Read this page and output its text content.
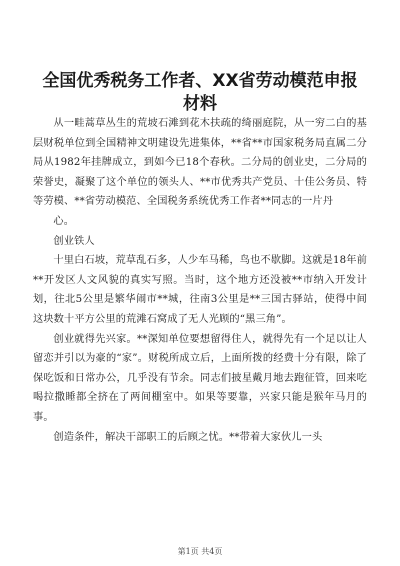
全国优秀税务工作者、XX省劳动模范申报材料

从一畦蒿草丛生的荒坡石滩到花木扶疏的绮丽庭院，从一穷二白的基层财税单位到全国精神文明建设先进集体，**省**市国家税务局直属二分局从1982年挂牌成立，到如今已18个春秋。二分局的创业史，二分局的荣誉史，凝聚了这个单位的领头人、**市优秀共产党员、十佳公务员、特等劳模、**省劳动模范、全国税务系统优秀工作者**同志的一片丹

心。

创业铁人

十里白石坡，荒草乱石多，人少车马稀，鸟也不歇脚。这就是18年前**开发区人文风貌的真实写照。当时，这个地方还没被**市纳入开发计划，往北5公里是繁华闹市**城，往南3公里是**三国古驿站，使得中间这块数十平方公里的荒滩石窝成了无人光顾的“黑三角”。

创业就得先兴家。**深知单位要想留得住人，就得先有一个足以让人留恋并引以为豪的“家”。财税所成立后，上面所拨的经费十分有限，除了保吃饭和日常办公，几乎没有节余。同志们披星戴月地去跑征管，回来吃喝拉撒睡都全挤在了两间棚室中。如果等要靠，兴家只能是猴年马月的事。

创造条件，解决干部职工的后顾之忧。**带着大家伙儿一头

第1页 共4页
